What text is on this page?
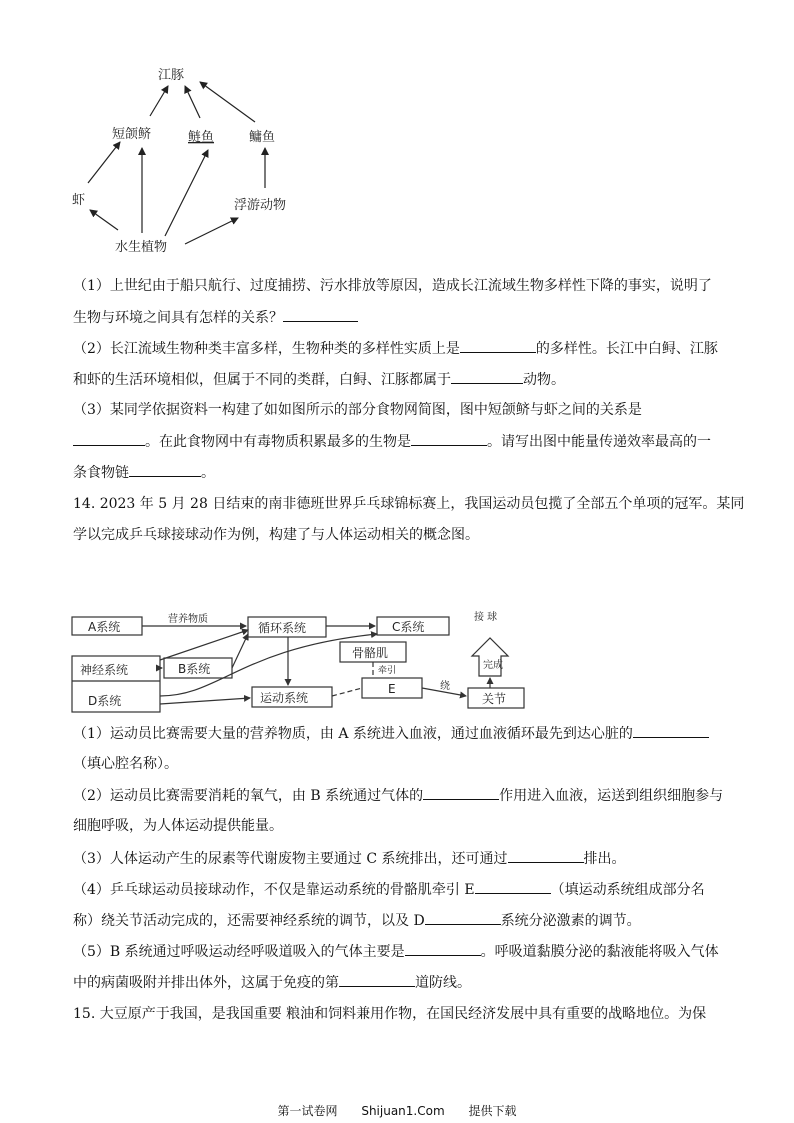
江豚
短颌鲚	鲢鱼	鳙鱼
虾	浮游动物
水生植物
（1）上世纪由于船只航行、过度捕捞、污水排放等原因，造成长江流域生物多样性下降的事实，说明了
生物与环境之间具有怎样的关系？
（2）长江流域生物种类丰富多样，生物种类的多样性实质上是	的多样性。长江中白鲟、江豚
和虾的生活环境相似，但属于不同的类群，白鲟、江豚都属于	动物。
（3）某同学依据资料一构建了如如图所示的部分食物网简图，图中短颌鲚与虾之间的关系是
。在此食物网中有毒物质积累最多的生物是	。请写出图中能量传递效率最高的一
条食物链	。
14. 2023 年 5 月 28 日结束的南非德班世界乒乓球锦标赛上，我国运动员包揽了全部五个单项的冠军。某同
学以完成乒乓球接球动作为例，构建了与人体运动相关的概念图。
A系统
营养物质
循环系统	C系统
神经系统	B系统
骨骼肌
牵引
E	绕
关节
D系统	运动系统
接 球
完成
（1）运动员比赛需要大量的营养物质，由 A 系统进入血液，通过血液循环最先到达心脏的
（填心腔名称）。
（2）运动员比赛需要消耗的氧气，由 B 系统通过气体的	作用进入血液，运送到组织细胞参与
细胞呼吸，为人体运动提供能量。
（3）人体运动产生的尿素等代谢废物主要通过 C 系统排出，还可通过	排出。
（4）乒乓球运动员接球动作，不仅是靠运动系统的骨骼肌牵引 E	（填运动系统组成部分名
称）绕关节活动完成的，还需要神经系统的调节，以及 D	系统分泌激素的调节。
（5）B 系统通过呼吸运动经呼吸道吸入的气体主要是	。呼吸道黏膜分泌的黏液能将吸入气体
中的病菌吸附并排出体外，这属于免疫的第	道防线。
15. 大豆原产于我国，是我国重要 粮油和饲料兼用作物，在国民经济发展中具有重要的战略地位。为保
第一试卷网 Shijuan1.Com 提供下载
